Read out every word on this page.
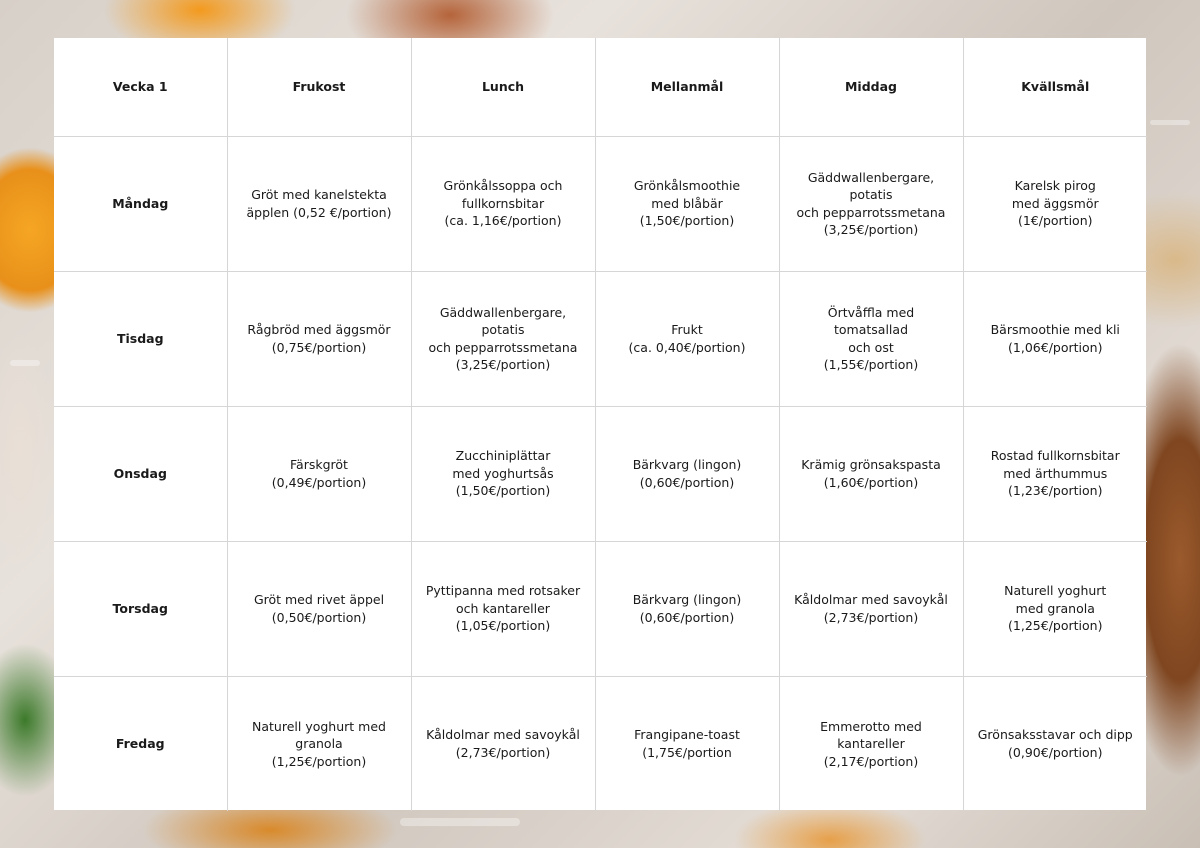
Vecka 1	Frukost	Lunch	Mellanmål	Middag	Kvällsmål
Måndag	Gröt med kanelstekta
äpplen (0,52 €/portion)	Grönkålssoppa och
fullkornsbitar
(ca. 1,16€/portion)	Grönkålsmoothie
med blåbär
(1,50€/portion)	Gäddwallenbergare, potatis
och pepparrotssmetana
(3,25€/portion)	Karelsk pirog
med äggsmör
(1€/portion)

Tisdag	Rågbröd med äggsmör
(0,75€/portion)	Gäddwallenbergare, potatis
och pepparrotssmetana
(3,25€/portion)	Frukt
(ca. 0,40€/portion)	Örtvåffla med tomatsallad
och ost
(1,55€/portion)	Bärsmoothie med kli
(1,06€/portion)

Onsdag	Färskgröt
(0,49€/portion)	Zucchiniplättar
med yoghurtsås
(1,50€/portion)	Bärkvarg (lingon)
(0,60€/portion)	Krämig grönsakspasta
(1,60€/portion)	Rostad fullkornsbitar
med ärthummus
(1,23€/portion)

Torsdag	Gröt med rivet äppel
(0,50€/portion)	Pyttipanna med rotsaker
och kantareller
(1,05€/portion)	Bärkvarg (lingon)
(0,60€/portion)	Kåldolmar med savoykål
(2,73€/portion)	Naturell yoghurt
med granola
(1,25€/portion)

Fredag	Naturell yoghurt med
granola
(1,25€/portion)	Kåldolmar med savoykål
(2,73€/portion)	Frangipane-toast
(1,75€/portion	Emmerotto med kantareller
(2,17€/portion)	Grönsaksstavar och dipp
(0,90€/portion)
